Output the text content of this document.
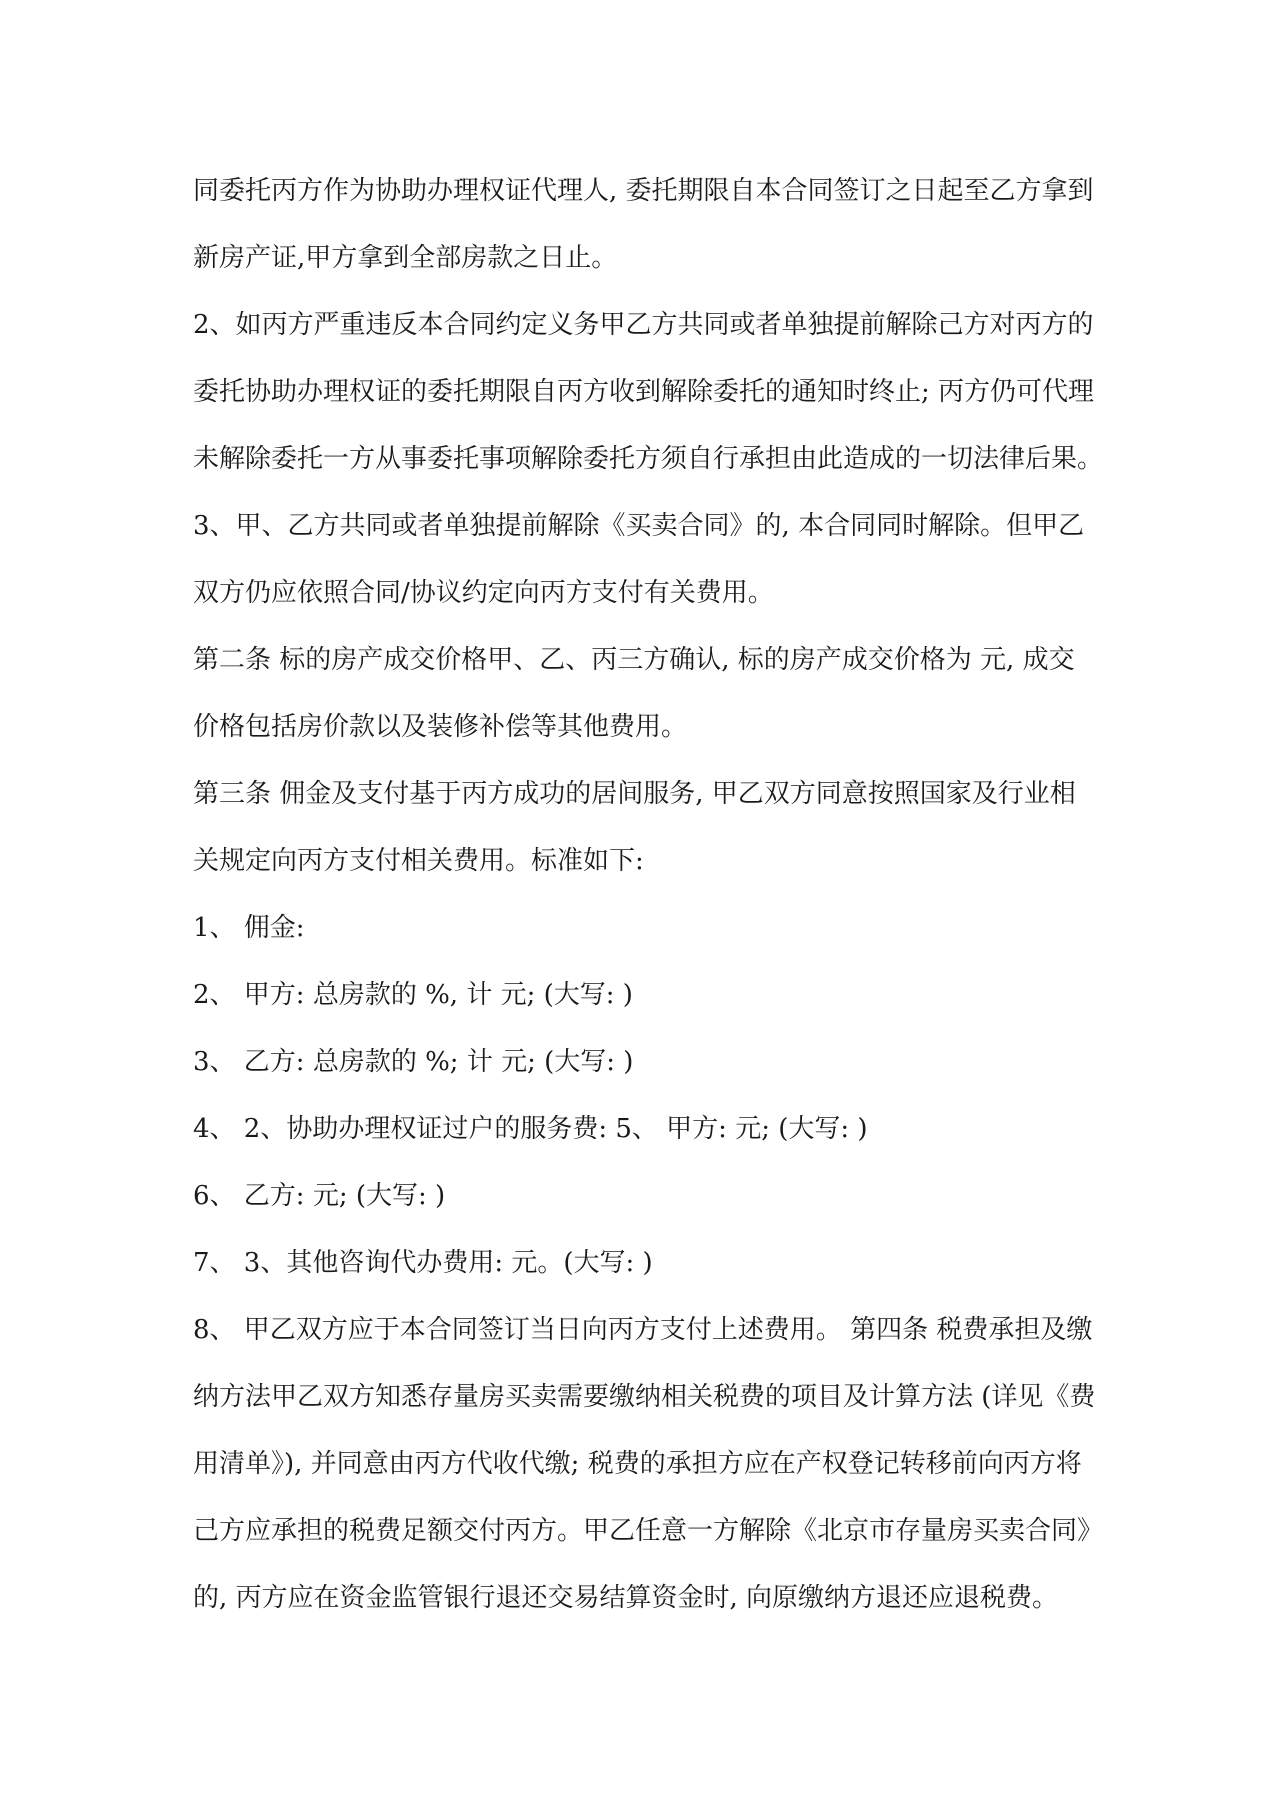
同委托丙方作为协助办理权证代理人, 委托期限自本合同签订之日起至乙方拿到
新房产证,甲方拿到全部房款之日止。
2、如丙方严重违反本合同约定义务甲乙方共同或者单独提前解除己方对丙方的
委托协助办理权证的委托期限自丙方收到解除委托的通知时终止; 丙方仍可代理
未解除委托一方从事委托事项解除委托方须自行承担由此造成的一切法律后果。
3、甲、乙方共同或者单独提前解除《买卖合同》的, 本合同同时解除。但甲乙
双方仍应依照合同/协议约定向丙方支付有关费用。
第二条 标的房产成交价格甲、乙、丙三方确认, 标的房产成交价格为 元, 成交
价格包括房价款以及装修补偿等其他费用。
第三条 佣金及支付基于丙方成功的居间服务, 甲乙双方同意按照国家及行业相
关规定向丙方支付相关费用。标准如下:
1、 佣金:
2、 甲方: 总房款的 %, 计 元; (大写: )
3、 乙方: 总房款的 %; 计 元; (大写: )
4、 2、协助办理权证过户的服务费: 5、 甲方: 元; (大写: )
6、 乙方: 元; (大写: )
7、 3、其他咨询代办费用: 元。(大写: )
8、 甲乙双方应于本合同签订当日向丙方支付上述费用。 第四条 税费承担及缴
纳方法甲乙双方知悉存量房买卖需要缴纳相关税费的项目及计算方法 (详见《费
用清单》), 并同意由丙方代收代缴; 税费的承担方应在产权登记转移前向丙方将
己方应承担的税费足额交付丙方。甲乙任意一方解除《北京市存量房买卖合同》
的, 丙方应在资金监管银行退还交易结算资金时, 向原缴纳方退还应退税费。
